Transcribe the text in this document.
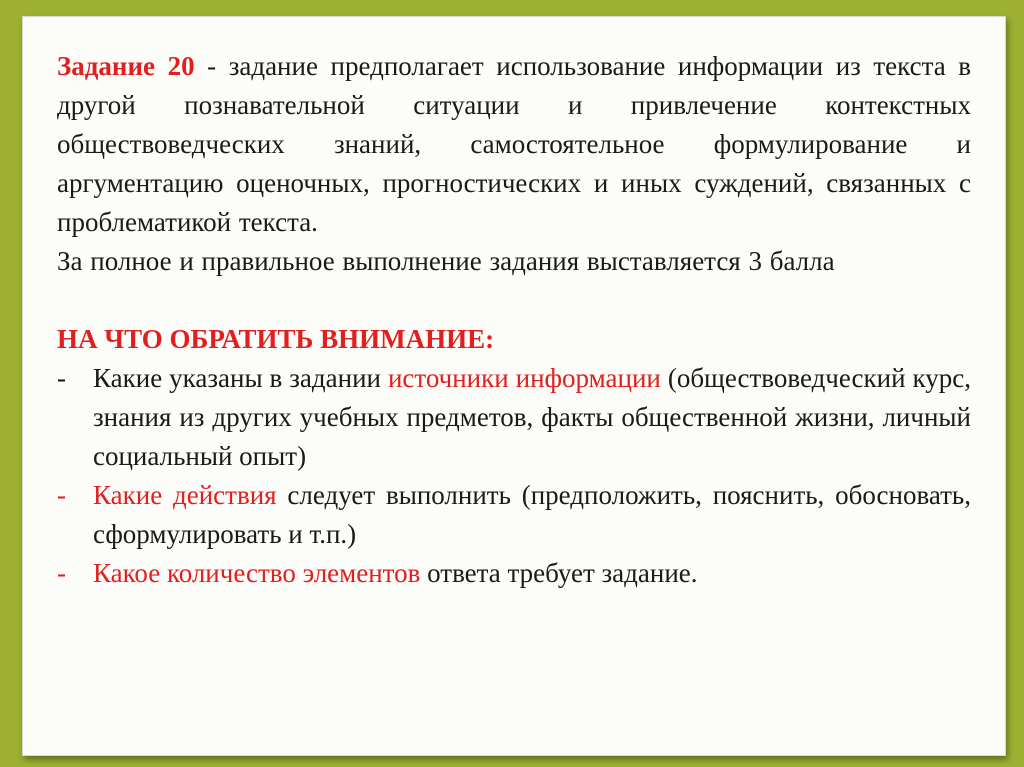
Задание 20 - задание предполагает использование информации из текста в другой познавательной ситуации и привлечение контекстных обществоведческих знаний, самостоятельное формулирование и аргументацию оценочных, прогностических и иных суждений, связанных с проблематикой текста.

За полное и правильное выполнение задания выставляется 3 балла

НА ЧТО ОБРАТИТЬ ВНИМАНИЕ:

- Какие указаны в задании источники информации (обществоведческий курс, знания из других учебных предметов, факты общественной жизни, личный социальный опыт)
- Какие действия следует выполнить (предположить, пояснить, обосновать, сформулировать и т.п.)
- Какое количество элементов ответа требует задание.
